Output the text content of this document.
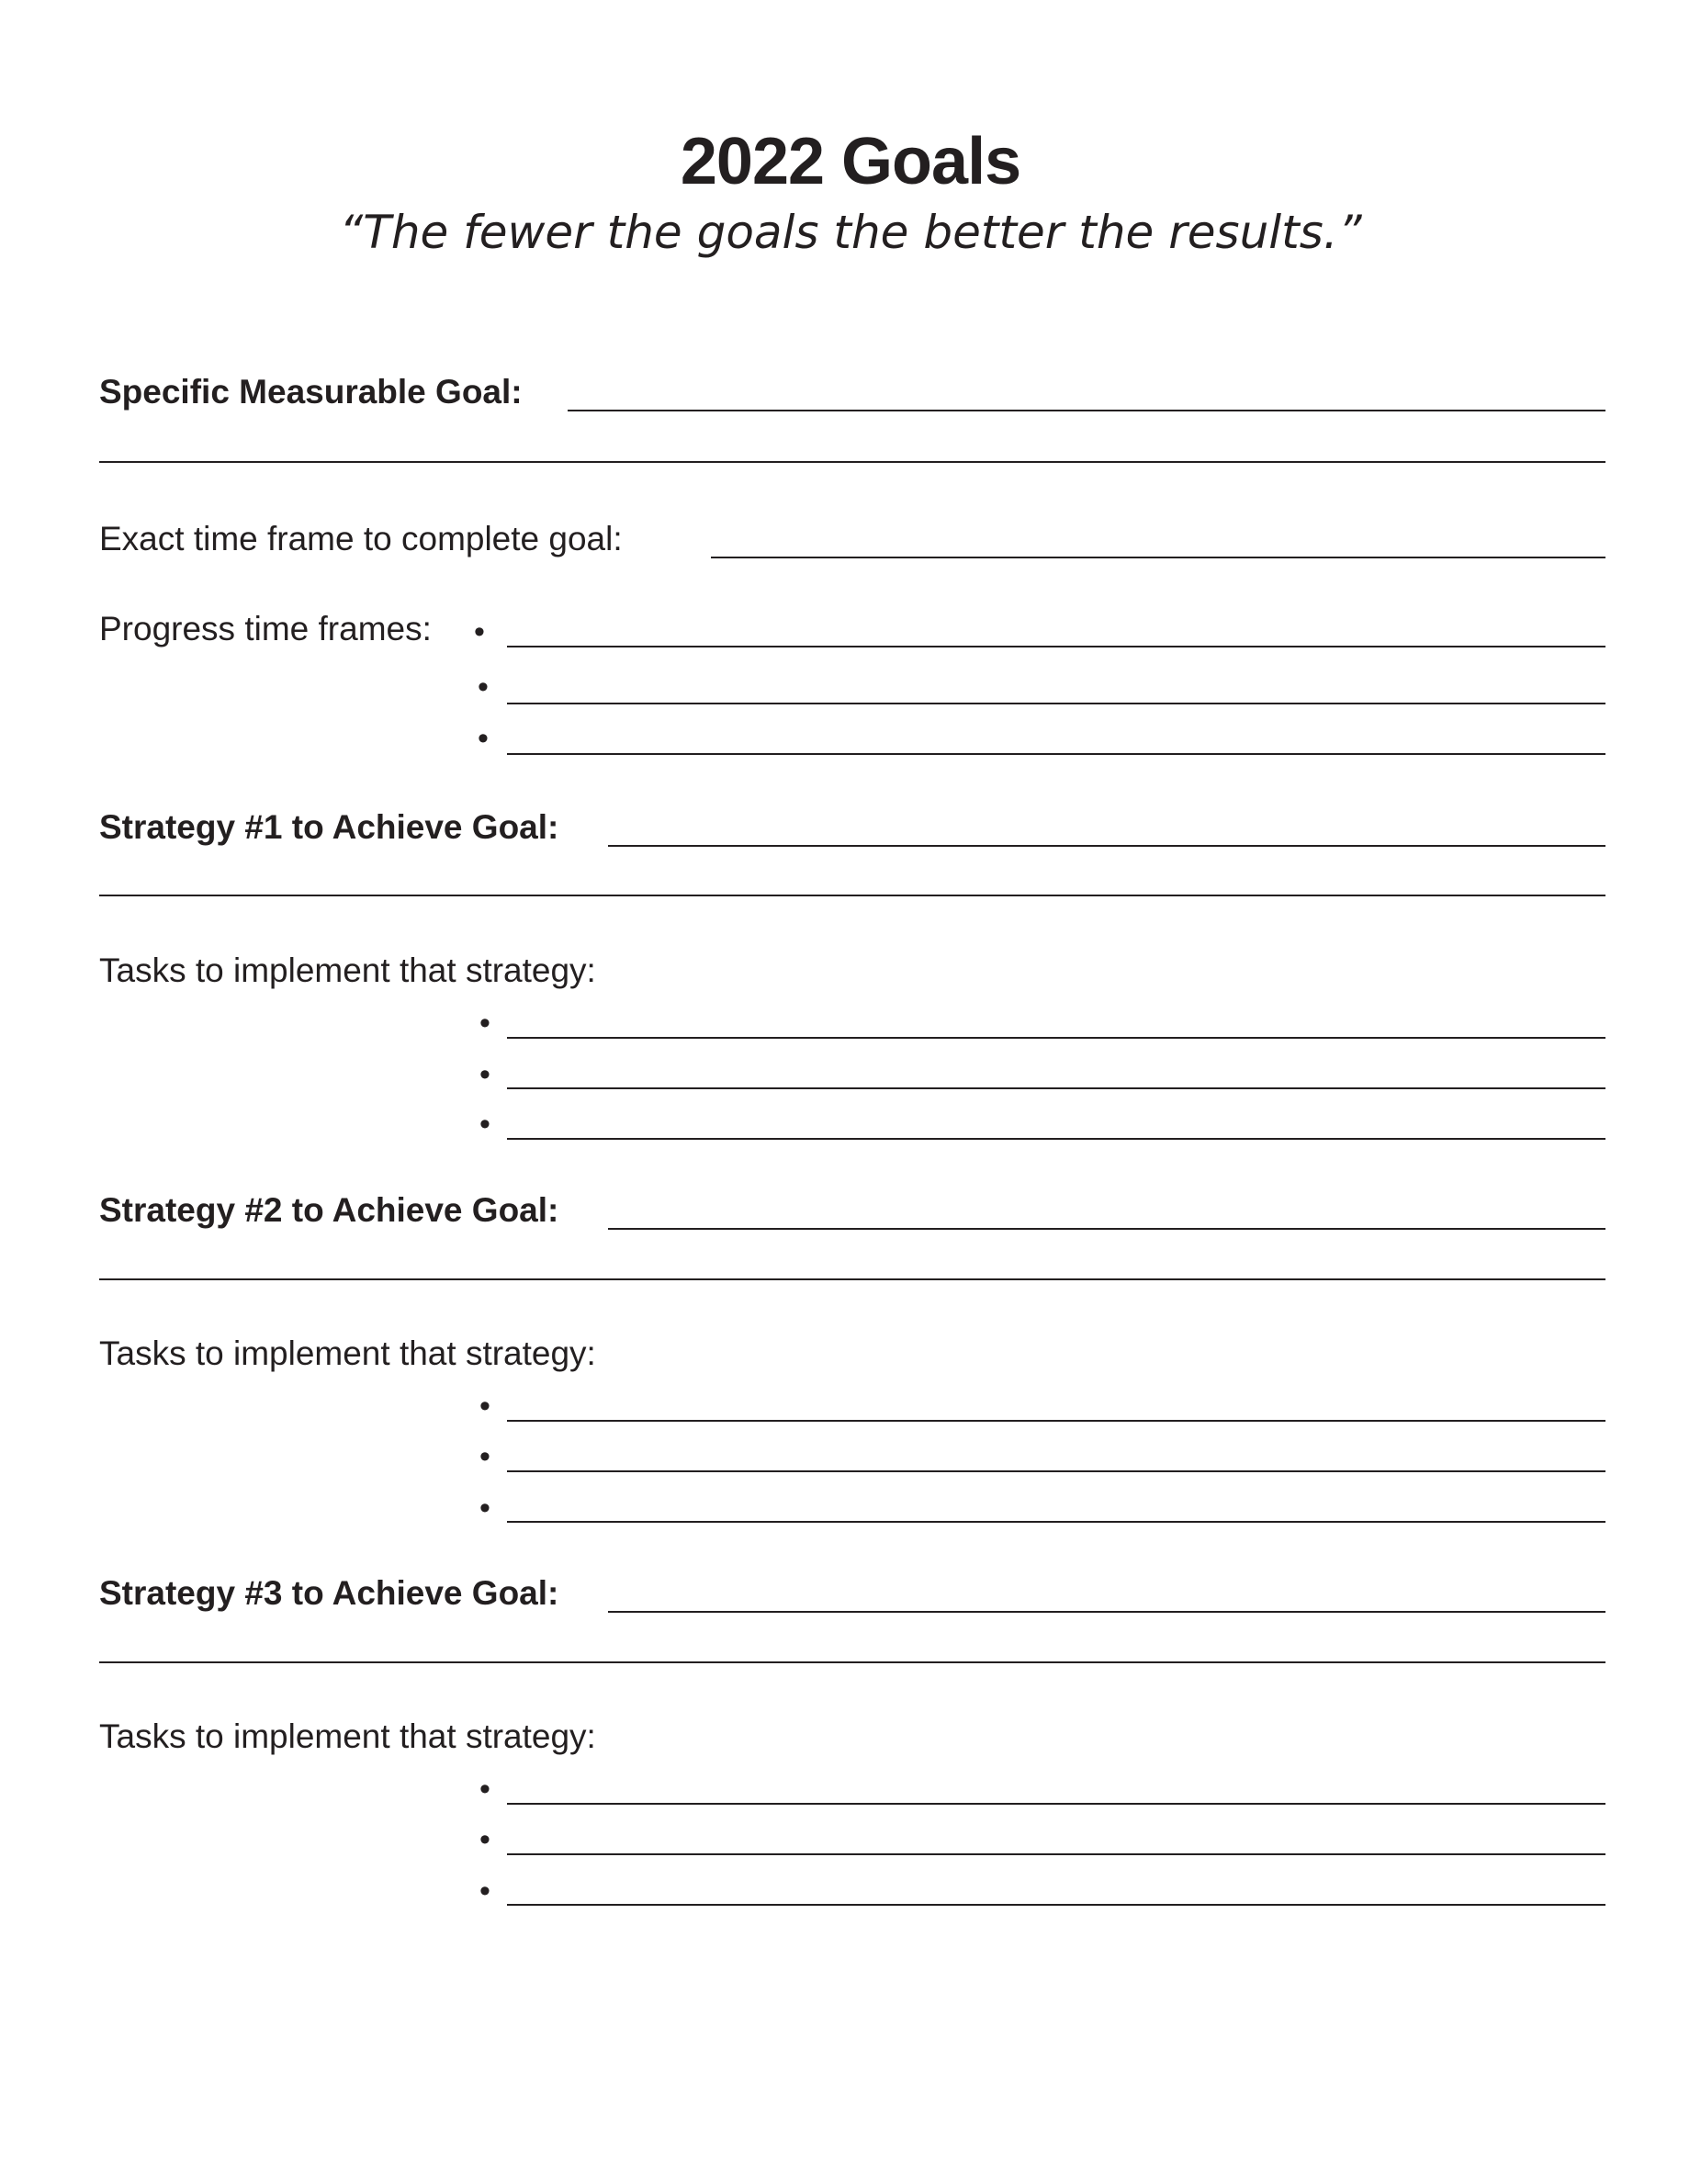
2022 Goals
“The fewer the goals the better the results.”
Specific Measurable Goal:
Exact time frame to complete goal:
Progress time frames: •
•
•
Strategy #1 to Achieve Goal:
Tasks to implement that strategy:
•
•
•
Strategy #2 to Achieve Goal:
Tasks to implement that strategy:
•
•
•
Strategy #3 to Achieve Goal:
Tasks to implement that strategy:
•
•
•
